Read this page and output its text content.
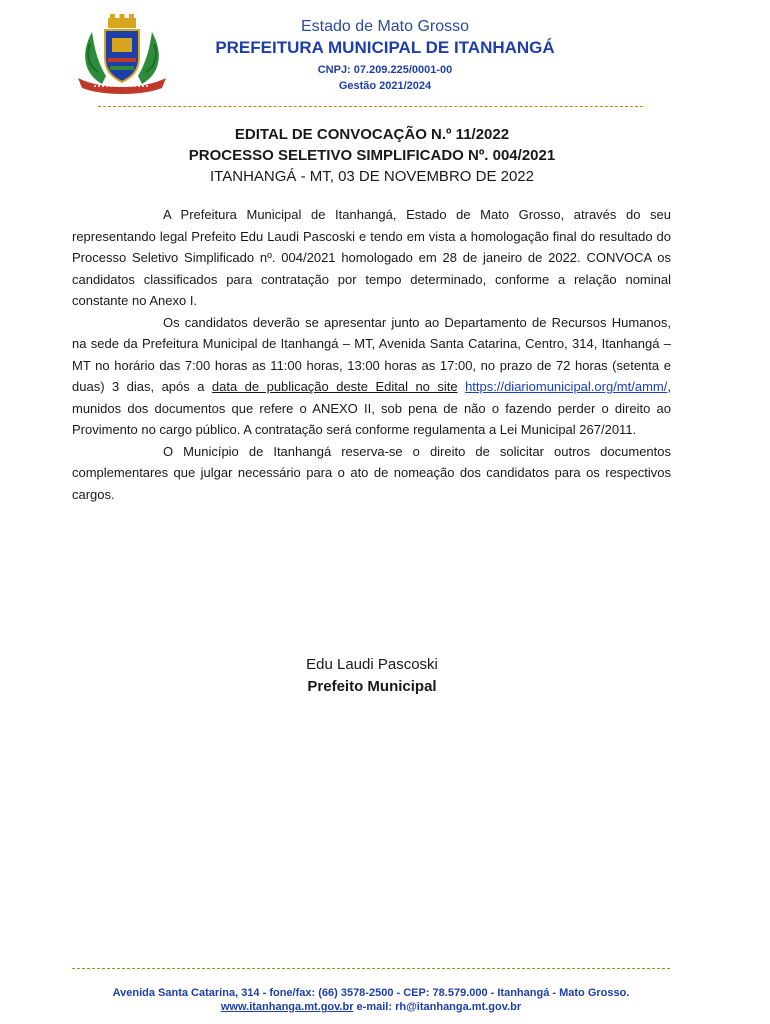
Estado de Mato Grosso
PREFEITURA MUNICIPAL DE ITANHANGÁ
CNPJ: 07.209.225/0001-00
Gestão 2021/2024
EDITAL DE CONVOCAÇÃO N.º 11/2022
PROCESSO SELETIVO SIMPLIFICADO Nº. 004/2021
ITANHANGÁ - MT, 03 DE NOVEMBRO DE 2022

A Prefeitura Municipal de Itanhangá, Estado de Mato Grosso, através do seu representando legal Prefeito Edu Laudi Pascoski e tendo em vista a homologação final do resultado do Processo Seletivo Simplificado nº. 004/2021 homologado em 28 de janeiro de 2022. CONVOCA os candidatos classificados para contratação por tempo determinado, conforme a relação nominal constante no Anexo I.

Os candidatos deverão se apresentar junto ao Departamento de Recursos Humanos, na sede da Prefeitura Municipal de Itanhangá – MT, Avenida Santa Catarina, Centro, 314, Itanhangá – MT no horário das 7:00 horas as 11:00 horas, 13:00 horas as 17:00, no prazo de 72 horas (setenta e duas) 3 dias, após a data de publicação deste Edital no site https://diariomunicipal.org/mt/amm/, munidos dos documentos que refere o ANEXO II, sob pena de não o fazendo perder o direito ao Provimento no cargo público. A contratação será conforme regulamenta a Lei Municipal 267/2011.

O Município de Itanhangá reserva-se o direito de solicitar outros documentos complementares que julgar necessário para o ato de nomeação dos candidatos para os respectivos cargos.

Edu Laudi Pascoski
Prefeito Municipal
Avenida Santa Catarina, 314 - fone/fax: (66) 3578-2500 - CEP: 78.579.000 - Itanhangá - Mato Grosso.
www.itanhanga.mt.gov.br e-mail: rh@itanhanga.mt.gov.br
